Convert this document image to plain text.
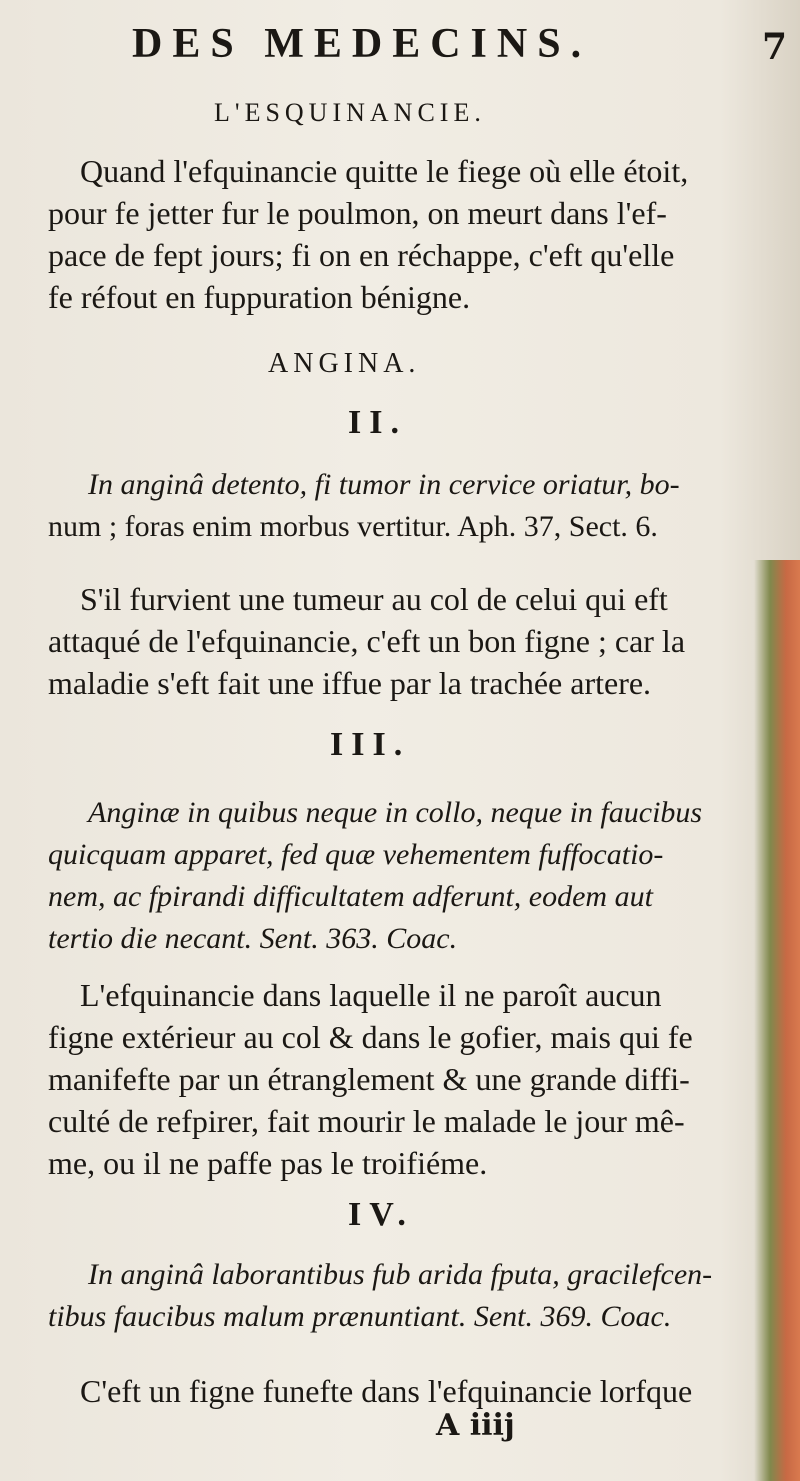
DES MEDECINS.	7
L'ESQUINANCIE.
Quand l'efquinancie quitte le fiege où elle étoit,
pour fe jetter fur le poulmon, on meurt dans l'ef-
pace de fept jours; fi on en réchappe, c'eft qu'elle
fe réfout en fuppuration bénigne.
ANGINA.
II.
In anginâ detento, fi tumor in cervice oriatur, bo-
num ; foras enim morbus vertitur. Aph. 37, Sect. 6.
S'il furvient une tumeur au col de celui qui eft
attaqué de l'efquinancie, c'eft un bon figne ; car la
maladie s'eft fait une iffue par la trachée artere.
III.
Anginæ in quibus neque in collo, neque in faucibus
quicquam apparet, fed quæ vehementem fuffocatio-
nem, ac fpirandi difficultatem adferunt, eodem aut
tertio die necant. Sent. 363. Coac.
L'efquinancie dans laquelle il ne paroît aucun
figne extérieur au col & dans le gofier, mais qui fe
manifefte par un étranglement & une grande diffi-
culté de refpirer, fait mourir le malade le jour mê-
me, ou il ne paffe pas le troifiéme.
IV.
In anginâ laborantibus fub arida fputa, gracilefcen-
tibus faucibus malum prænuntiant. Sent. 369. Coac.
C'eft un figne funefte dans l'efquinancie lorfque
A iiij
